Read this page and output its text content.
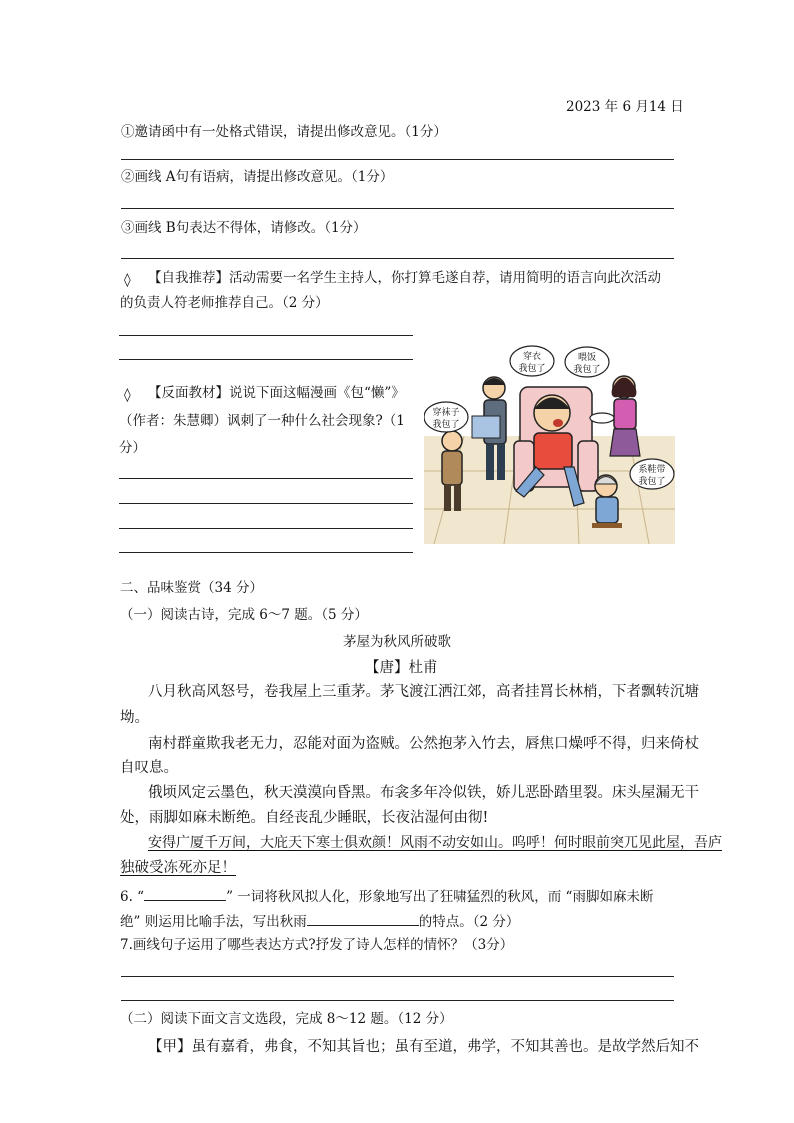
2023 年 6 月14 日
①邀请函中有一处格式错误，请提出修改意见。（1分）
②画线 A句有语病，请提出修改意见。（1分）
③画线 B句表达不得体，请修改。（1分）
◊ 【自我推荐】活动需要一名学生主持人，你打算毛遂自荐，请用简明的语言向此次活动
的负责人符老师推荐自己。（2 分）
◊ 【反面教材】说说下面这幅漫画《包“懒”》
（作者：朱慧卿）讽刺了一种什么社会现象?（1
分）
穿衣
我包了
喂饭
我包了
穿袜子
我包了
系鞋带
我包了
二、品味鉴赏（34 分）
（一）阅读古诗，完成 6～7 题。（5 分）
茅屋为秋风所破歌
【唐】杜甫
八月秋高风怒号，卷我屋上三重茅。茅飞渡江洒江郊，高者挂罥长林梢，下者飘转沉塘
坳。
南村群童欺我老无力，忍能对面为盗贼。公然抱茅入竹去，唇焦口燥呼不得，归来倚杖
自叹息。
俄顷风定云墨色，秋天漠漠向昏黑。布衾多年冷似铁，娇儿恶卧踏里裂。床头屋漏无干
处，雨脚如麻未断绝。自经丧乱少睡眠，长夜沾湿何由彻!
安得广厦千万间，大庇天下寒士俱欢颜！风雨不动安如山。呜呼！何时眼前突兀见此屋，吾庐
独破受冻死亦足！
6. “	” 一词将秋风拟人化，形象地写出了狂啸猛烈的秋风，而 “雨脚如麻未断
绝” 则运用比喻手法，写出秋雨	的特点。（2 分）
7.画线句子运用了哪些表达方式?抒发了诗人怎样的情怀？（3分）
（二）阅读下面文言文选段，完成 8～12 题。（12 分）
【甲】虽有嘉肴，弗食，不知其旨也；虽有至道，弗学，不知其善也。是故学然后知不
